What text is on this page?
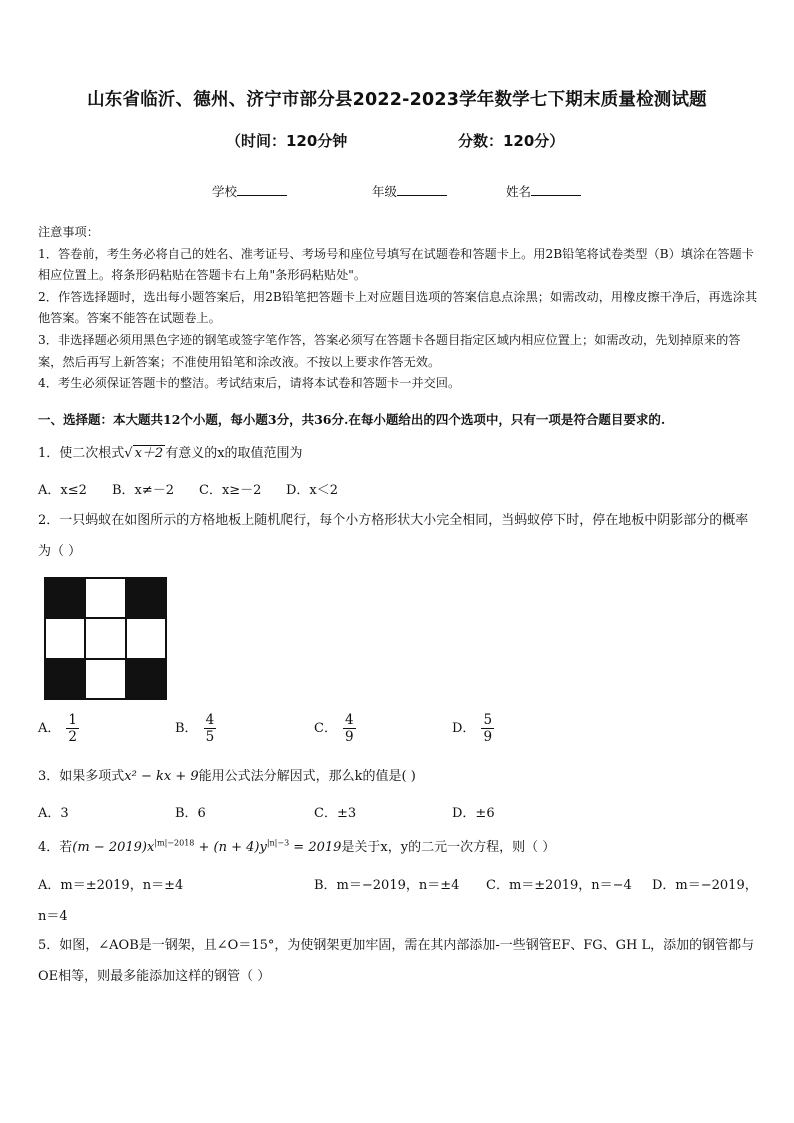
山东省临沂、德州、济宁市部分县2022-2023学年数学七下期末质量检测试题
（时间：120分钟	分数：120分）
学校	年级	姓名
注意事项：
1．答卷前，考生务必将自己的姓名、准考证号、考场号和座位号填写在试题卷和答题卡上。用2B铅笔将试卷类型（B）填涂在答题卡相应位置上。将条形码粘贴在答题卡右上角"条形码粘贴处"。
2．作答选择题时，选出每小题答案后，用2B铅笔把答题卡上对应题目选项的答案信息点涂黑；如需改动，用橡皮擦干净后，再选涂其他答案。答案不能答在试题卷上。
3．非选择题必须用黑色字迹的钢笔或签字笔作答，答案必须写在答题卡各题目指定区域内相应位置上；如需改动，先划掉原来的答案，然后再写上新答案；不准使用铅笔和涂改液。不按以上要求作答无效。
4．考生必须保证答题卡的整洁。考试结束后，请将本试卷和答题卡一并交回。
一、选择题：本大题共12个小题，每小题3分，共36分.在每小题给出的四个选项中，只有一项是符合题目要求的.
1．使二次根式√ x＋2 有意义的x的取值范围为
A．x≤2 B．x≠－2 C．x≥－2 D．x＜2
2．一只蚂蚁在如图所示的方格地板上随机爬行，每个小方格形状大小完全相同，当蚂蚁停下时，停在地板中阴影部分的概率为（ ）
A． $\frac{1}{2}$	B． $\frac{4}{5}$	C． $\frac{4}{9}$	D． $\frac{5}{9}$
3．如果多项式x² − kx + 9能用公式法分解因式，那么k的值是( )
A．3	B．6	C．±3	D．±6
4．若$(m - 2019)x^{|m|-2018} + (n + 4)y^{|n|-3} = 2019$是关于x，y的二元一次方程，则（ ）
A．m＝±2019，n＝±4	B．m＝−2019，n＝±4 C．m＝±2019，n＝−4 D．m＝−2019，
n＝4
5．如图，∠AOB是一钢架，且∠O＝15°，为使钢架更加牢固，需在其内部添加-一些钢管EF、FG、GH L，添加的钢管都与OE相等，则最多能添加这样的钢管（ ）
